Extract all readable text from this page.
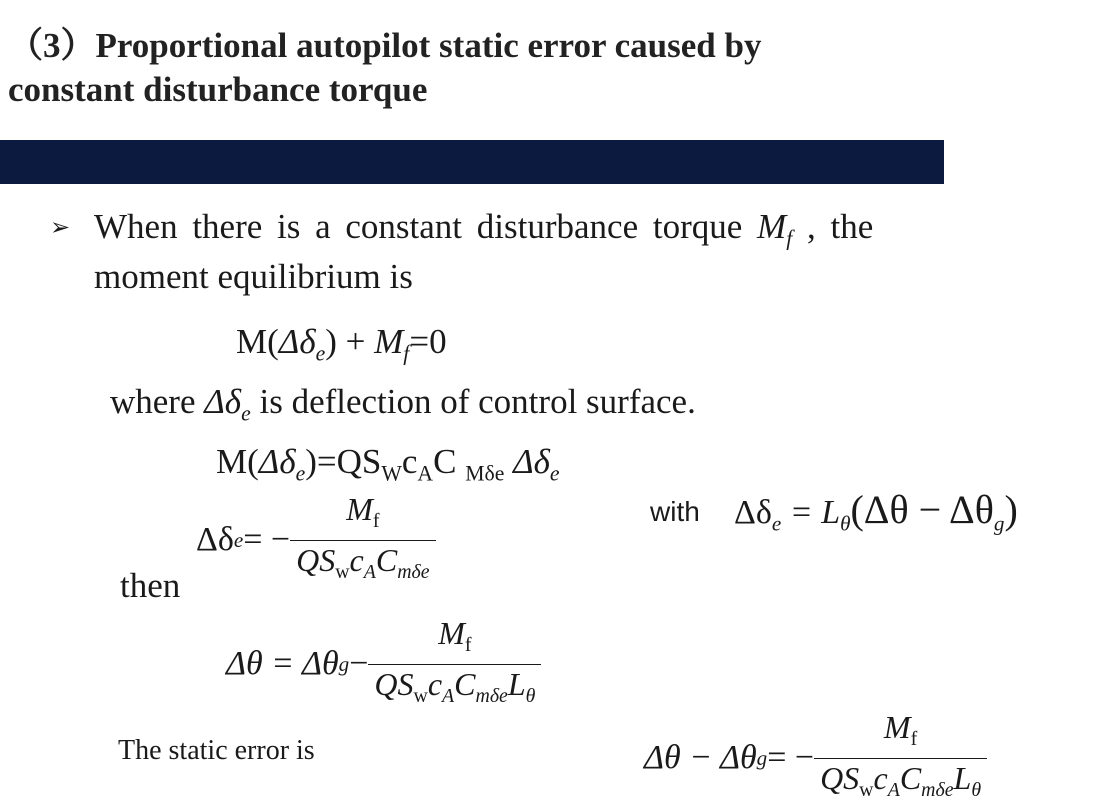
（3）Proportional autopilot static error caused by
constant disturbance torque
➢ When there is a constant disturbance torque $M_f$ , the
moment equilibrium is
$M(\Delta\delta_e) + M_f=0$
where $\Delta\delta_e$ is deflection of control surface.
$M(\Delta\delta_e)=QS_Wc_AC$ $_{M\delta e}$ $\Delta\delta_e$
Δδ e = − $\frac{M_f}{QS_wc_AC_{m\delta e}}$	with $\Delta\delta_e = L_\theta(\Delta\theta - \Delta\theta_g)$
then
Δθ = Δθ $g - \frac{M_f}{QS_wc_AC_{m\delta e}L_\theta}$
The static error is	Δθ − Δθ g = − $\frac{M_f}{QS_wc_AC_{m\delta e}L_\theta}$
